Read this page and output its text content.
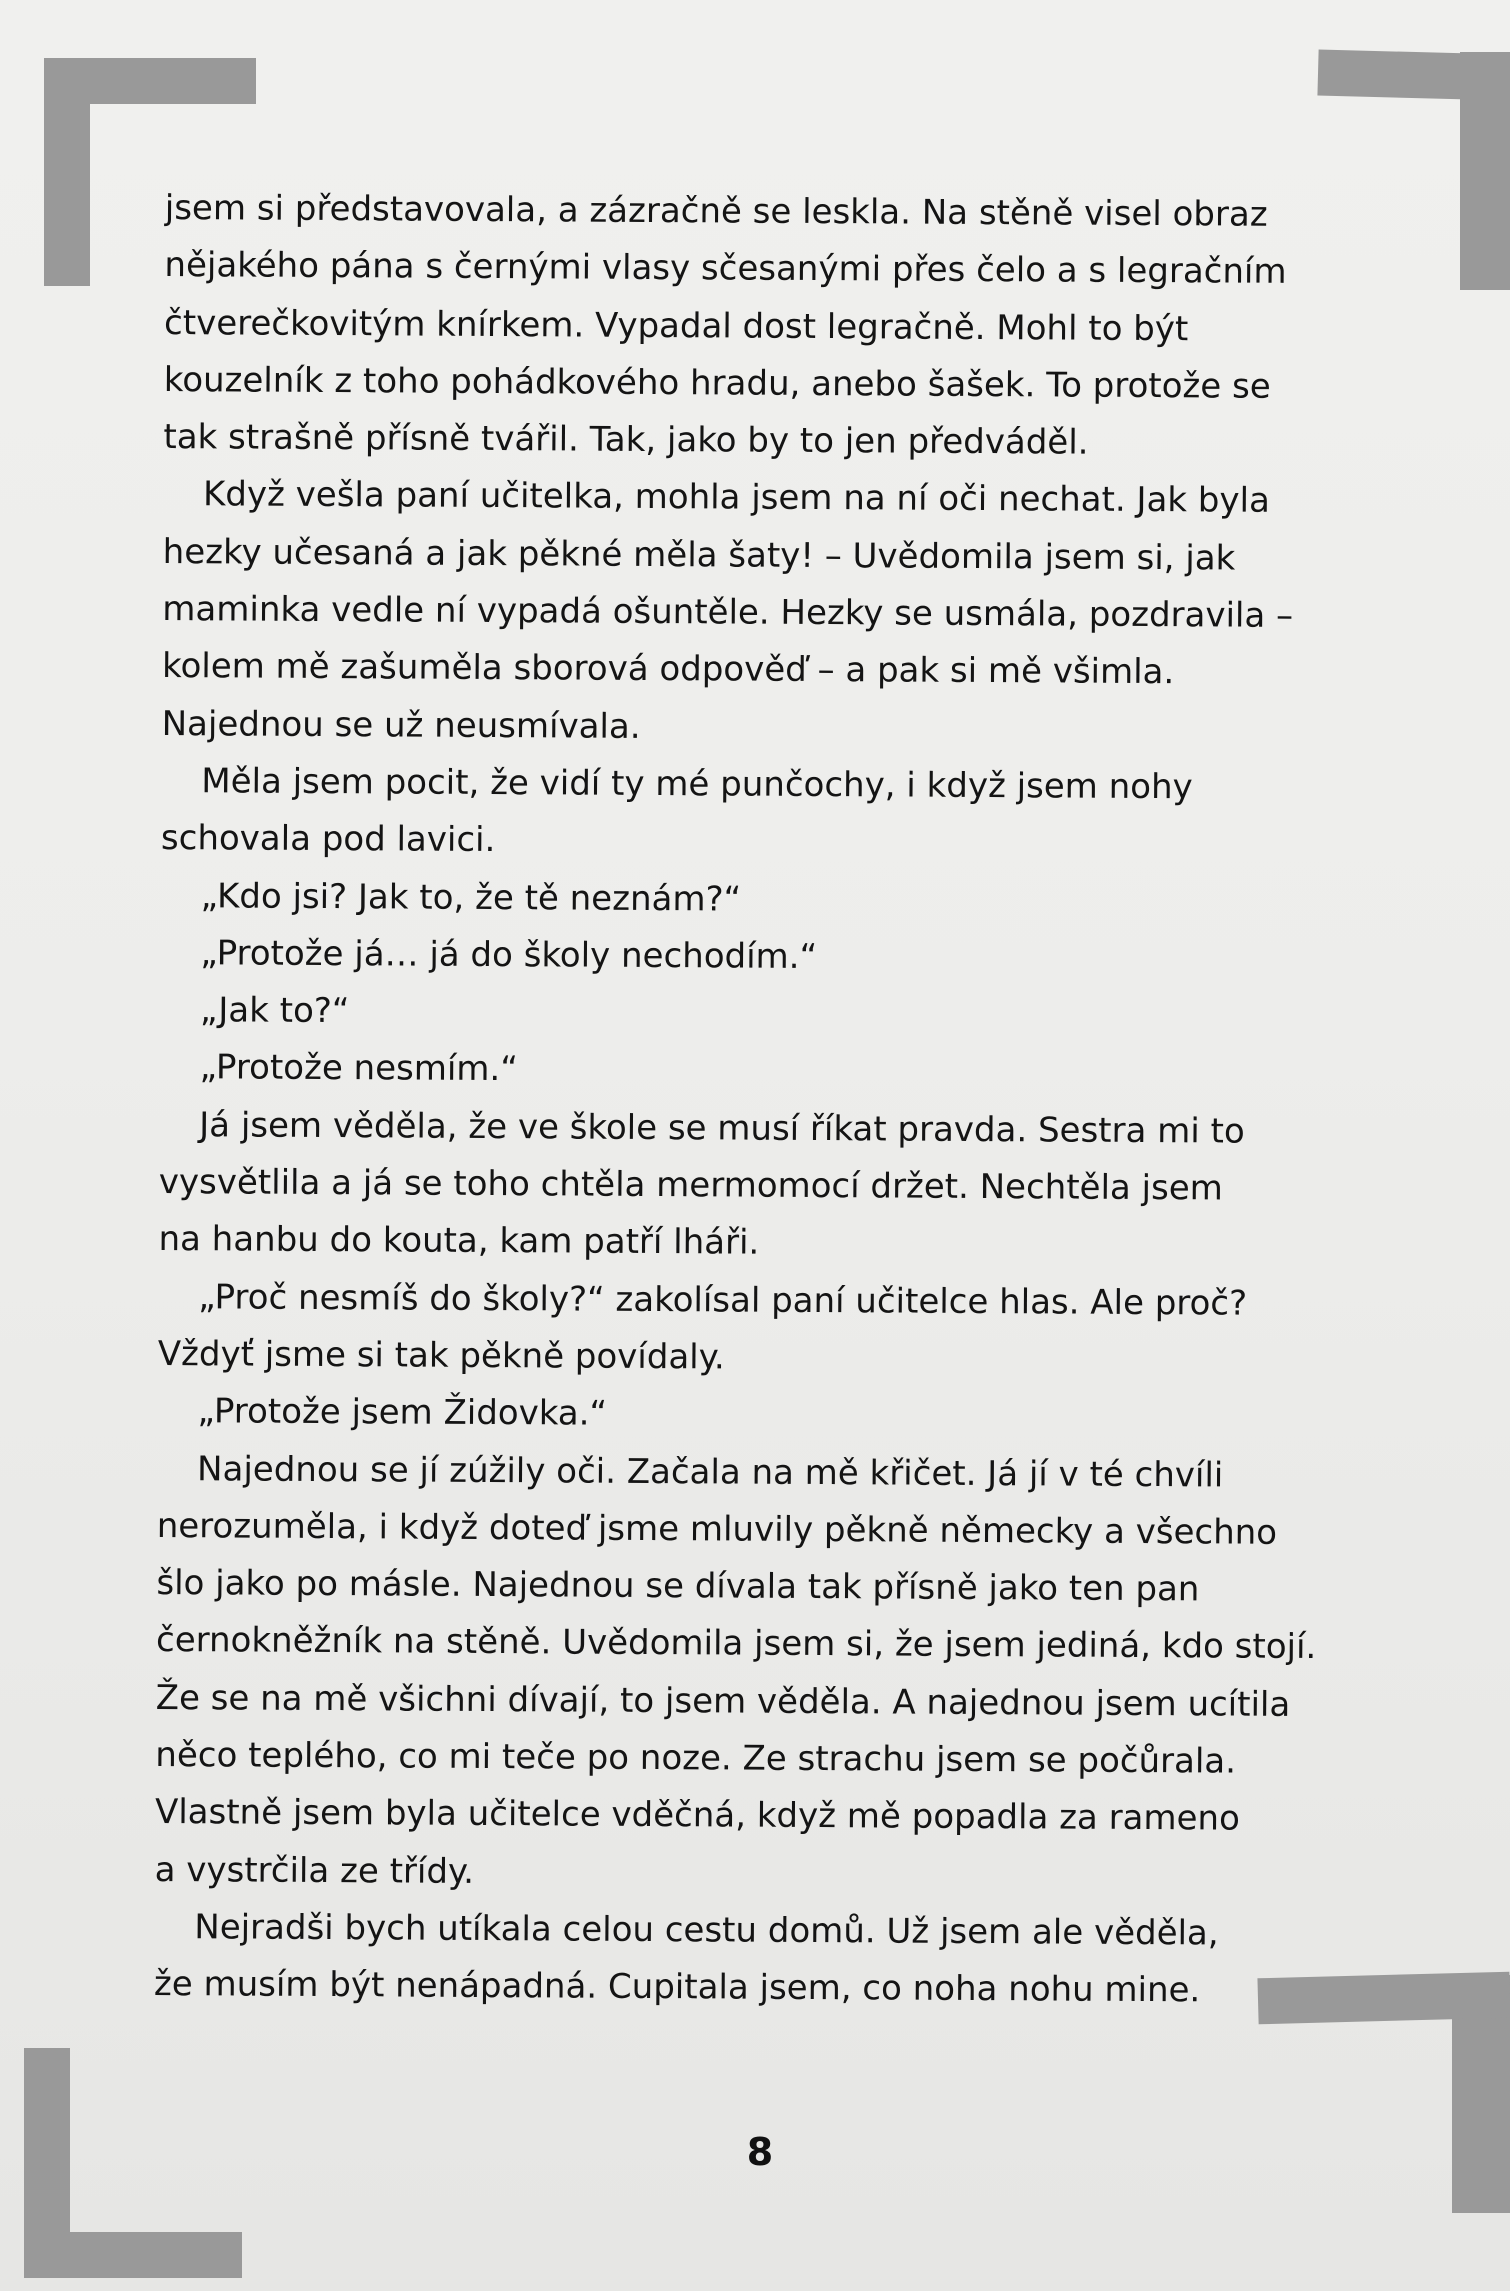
jsem si představovala, a zázračně se leskla. Na stěně visel obraz
nějakého pána s černými vlasy sčesanými přes čelo a s legračním
čtverečkovitým knírkem. Vypadal dost legračně. Mohl to být
kouzelník z toho pohádkového hradu, anebo šašek. To protože se
tak strašně přísně tvářil. Tak, jako by to jen předváděl.
Když vešla paní učitelka, mohla jsem na ní oči nechat. Jak byla
hezky učesaná a jak pěkné měla šaty! – Uvědomila jsem si, jak
maminka vedle ní vypadá ošuntěle. Hezky se usmála, pozdravila –
kolem mě zašuměla sborová odpověď – a pak si mě všimla.
Najednou se už neusmívala.
Měla jsem pocit, že vidí ty mé punčochy, i když jsem nohy
schovala pod lavici.
„Kdo jsi? Jak to, že tě neznám?“
„Protože já… já do školy nechodím.“
„Jak to?“
„Protože nesmím.“
Já jsem věděla, že ve škole se musí říkat pravda. Sestra mi to
vysvětlila a já se toho chtěla mermomocí držet. Nechtěla jsem
na hanbu do kouta, kam patří lháři.
„Proč nesmíš do školy?“ zakolísal paní učitelce hlas. Ale proč?
Vždyť jsme si tak pěkně povídaly.
„Protože jsem Židovka.“
Najednou se jí zúžily oči. Začala na mě křičet. Já jí v té chvíli
nerozuměla, i když doteď jsme mluvily pěkně německy a všechno
šlo jako po másle. Najednou se dívala tak přísně jako ten pan
černokněžník na stěně. Uvědomila jsem si, že jsem jediná, kdo stojí.
Že se na mě všichni dívají, to jsem věděla. A najednou jsem ucítila
něco teplého, co mi teče po noze. Ze strachu jsem se počůrala.
Vlastně jsem byla učitelce vděčná, když mě popadla za rameno
a vystrčila ze třídy.
Nejradši bych utíkala celou cestu domů. Už jsem ale věděla,
že musím být nenápadná. Cupitala jsem, co noha nohu mine.
8
